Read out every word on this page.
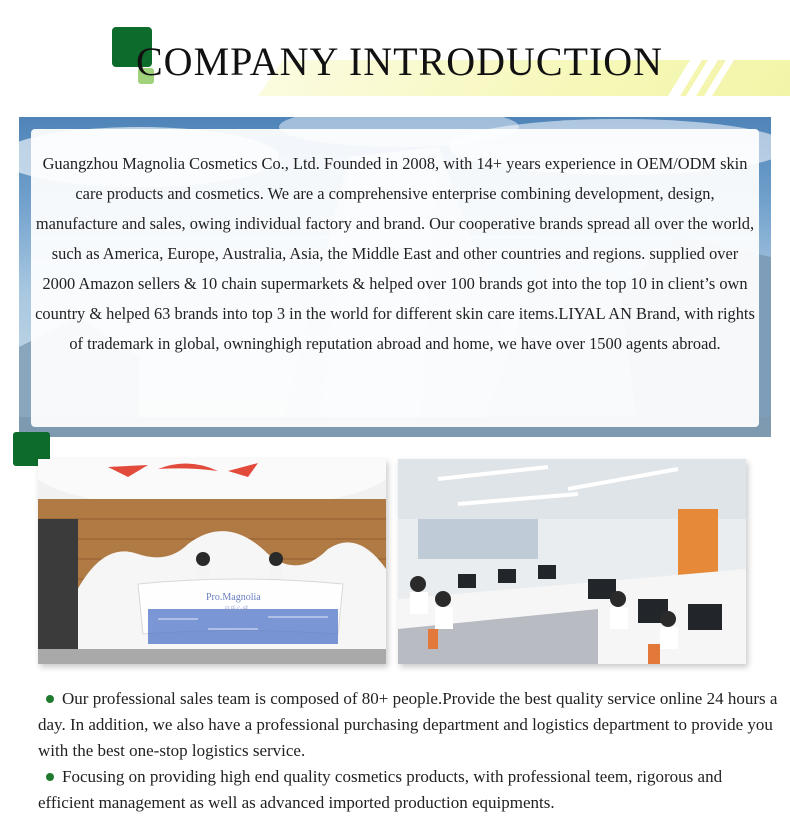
COMPANY INTRODUCTION

Guangzhou Magnolia Cosmetics Co., Ltd. Founded in 2008, with 14+ years experience in OEM/ODM skin care products and cosmetics. We are a comprehensive enterprise combining development, design, manufacture and sales, owing individual factory and brand. Our cooperative brands spread all over the world, such as America, Europe, Australia, Asia, the Middle East and other countries and regions. supplied over 2000 Amazon sellers & 10 chain supermarkets & helped over 100 brands got into the top 10 in client’s own country & helped 63 brands into top 3 in the world for different skin care items.LIYAL AN Brand, with rights of trademark in global, owninghigh reputation abroad and home, we have over 1500 agents abroad.

Pro.Magnolia
高氏心诚

Our professional sales team is composed of 80+ people.Provide the best quality service online 24 hours a day. In addition, we also have a professional purchasing department and logistics department to provide you with the best one-stop logistics service.

Focusing on providing high end quality cosmetics products, with professional teem, rigorous and efficient management as well as advanced imported production equipments.
